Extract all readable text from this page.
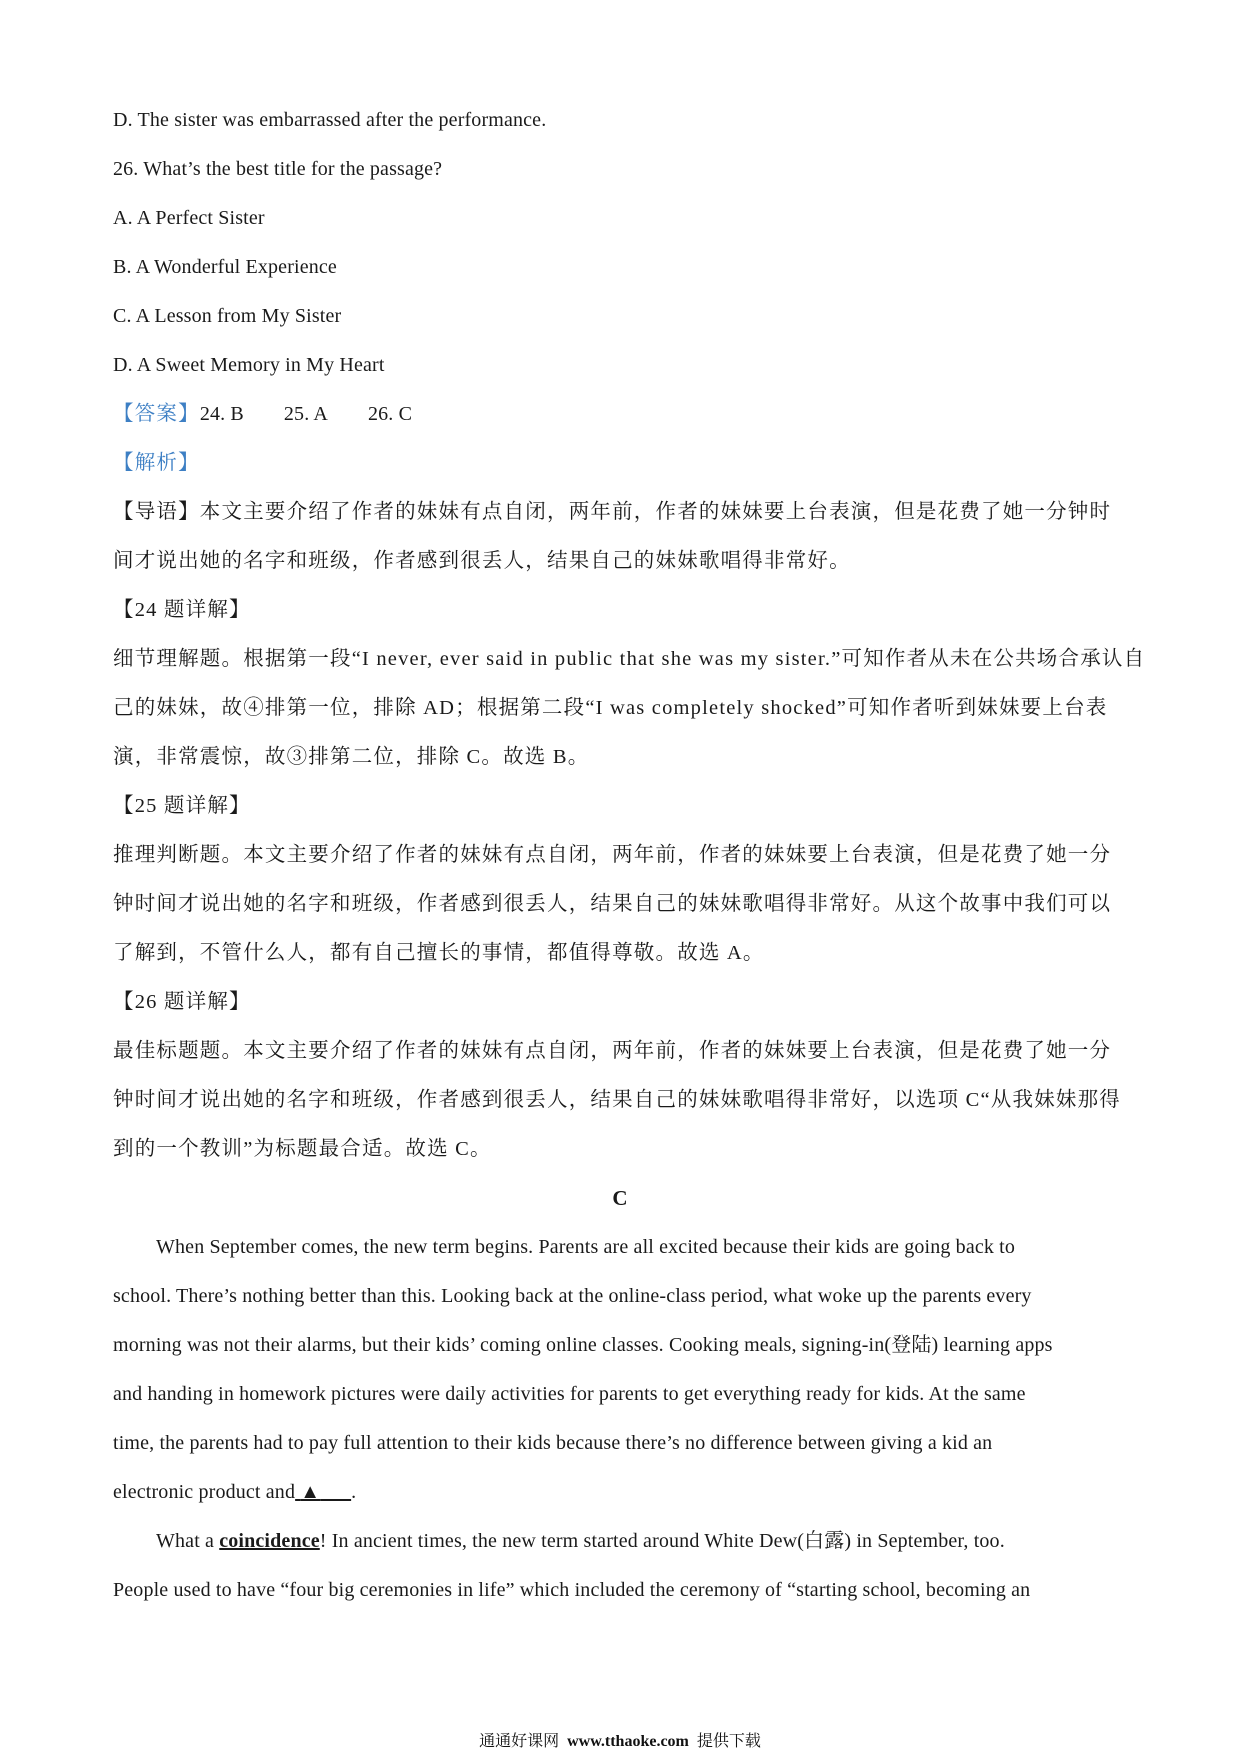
D. The sister was embarrassed after the performance.
26. What’s the best title for the passage?
A. A Perfect Sister
B. A Wonderful Experience
C. A Lesson from My Sister
D. A Sweet Memory in My Heart
【答案】24. B 25. A 26. C
【解析】
【导语】本文主要介绍了作者的妹妹有点自闭，两年前，作者的妹妹要上台表演，但是花费了她一分钟时
间才说出她的名字和班级，作者感到很丢人，结果自己的妹妹歌唱得非常好。
【24 题详解】
细节理解题。根据第一段“I never, ever said in public that she was my sister.”可知作者从未在公共场合承认自
己的妹妹，故④排第一位，排除 AD；根据第二段“I was completely shocked”可知作者听到妹妹要上台表
演，非常震惊，故③排第二位，排除 C。故选 B。
【25 题详解】
推理判断题。本文主要介绍了作者的妹妹有点自闭，两年前，作者的妹妹要上台表演，但是花费了她一分
钟时间才说出她的名字和班级，作者感到很丢人，结果自己的妹妹歌唱得非常好。从这个故事中我们可以
了解到，不管什么人，都有自己擅长的事情，都值得尊敬。故选 A。
【26 题详解】
最佳标题题。本文主要介绍了作者的妹妹有点自闭，两年前，作者的妹妹要上台表演，但是花费了她一分
钟时间才说出她的名字和班级，作者感到很丢人，结果自己的妹妹歌唱得非常好，以选项 C“从我妹妹那得
到的一个教训”为标题最合适。故选 C。
C
When September comes, the new term begins. Parents are all excited because their kids are going back to
school. There’s nothing better than this. Looking back at the online-class period, what woke up the parents every
morning was not their alarms, but their kids’ coming online classes. Cooking meals, signing-in(登陆) learning apps
and handing in homework pictures were daily activities for parents to get everything ready for kids. At the same
time, the parents had to pay full attention to their kids because there’s no difference between giving a kid an
electronic product and ▲ .
What a coincidence! In ancient times, the new term started around White Dew(白露) in September, too.
People used to have “four big ceremonies in life” which included the ceremony of “starting school, becoming an
通通好课网 www.tthaoke.com 提供下载
